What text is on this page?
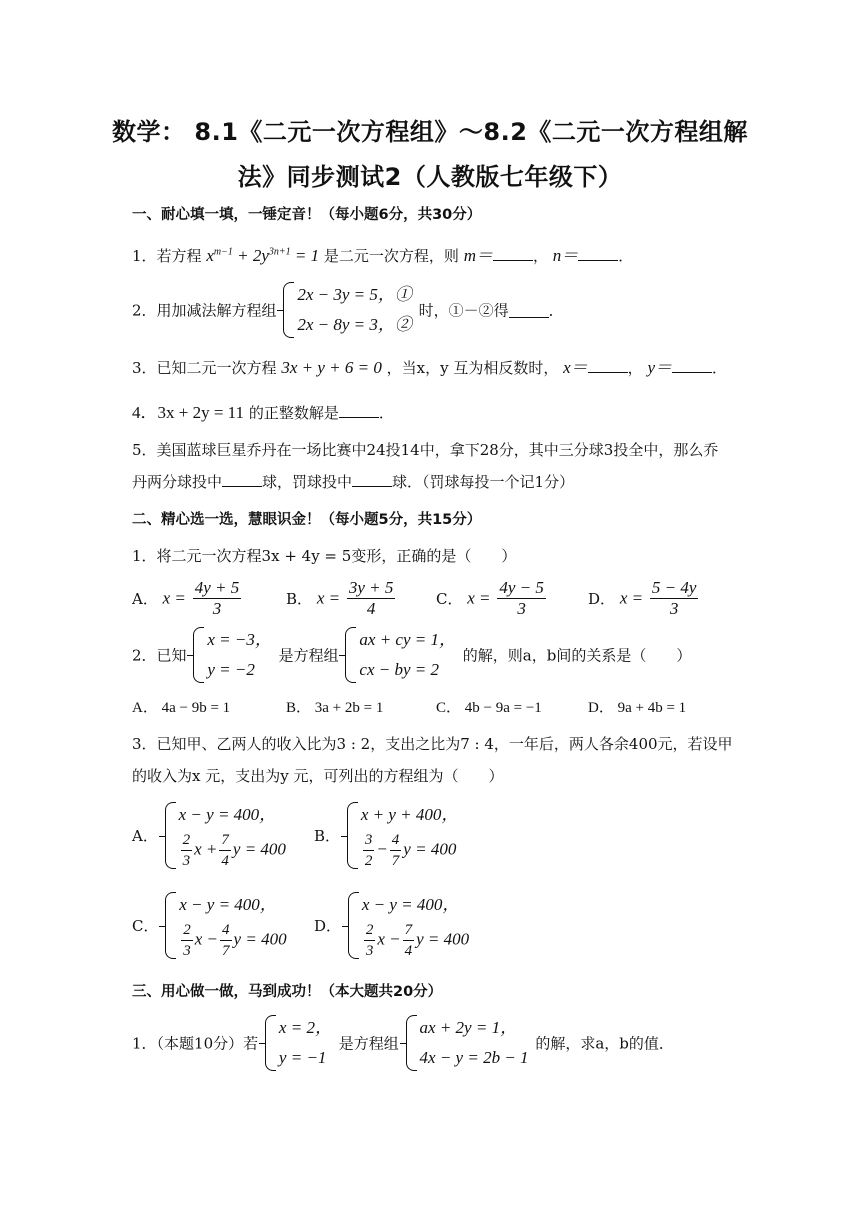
数学： 8.1《二元一次方程组》～8.2《二元一次方程组解
法》同步测试2（人教版七年级下）
一、耐心填一填，一锤定音！（每小题6分，共30分）
1．若方程 $x^{m-1} + 2y^{3n+1} = 1$ 是二元一次方程，则 m＝	， n＝	．
2．用加减法解方程组
2x − 3y = 5，①
2x − 8y = 3，②
时，①－②得	．
3．已知二元一次方程 3x + y + 6 = 0 ，当x，y 互为相反数时， x＝	， y＝	．
4．3x + 2y = 11 的正整数解是	．
5．美国蓝球巨星乔丹在一场比赛中24投14中，拿下28分，其中三分球3投全中，那么乔
丹两分球投中	球，罚球投中	球．（罚球每投一个记1分）
二、精心选一选，慧眼识金！（每小题5分，共15分）
1．将二元一次方程3x + 4y = 5变形，正确的是（　　）
A． $x = \frac{4y + 5}{3}$	B． $x = \frac{3y + 5}{4}$	C． $x = \frac{4y - 5}{3}$	D． $x = \frac{5 - 4y}{3}$
2．已知
x = −3，
y = −2
是方程组
ax + cy = 1，
cx − by = 2
的解，则a，b间的关系是（　　）
A． 4a − 9b = 1	B． 3a + 2b = 1	C． 4b − 9a = −1	D． 9a + 4b = 1
3．已知甲、乙两人的收入比为3 : 2，支出之比为7 : 4，一年后，两人各余400元，若设甲
的收入为x 元，支出为y 元，可列出的方程组为（　　）
A．
x − y = 400，
$\frac{2}{3}$ $x + \frac{7}{4}$ y = 400
B．
x + y + 400，
$\frac{3}{2} - \frac{4}{7}$ y = 400
C．
x − y = 400，
$\frac{2}{3}$ $x - \frac{4}{7}$ y = 400
D．
x − y = 400，
$\frac{2}{3}$ $x - \frac{7}{4}$ y = 400
三、用心做一做，马到成功！（本大题共20分）
1．（本题10分）若
x = 2，
y = −1
是方程组
ax + 2y = 1，
4x − y = 2b − 1
的解，求a，b的值．
